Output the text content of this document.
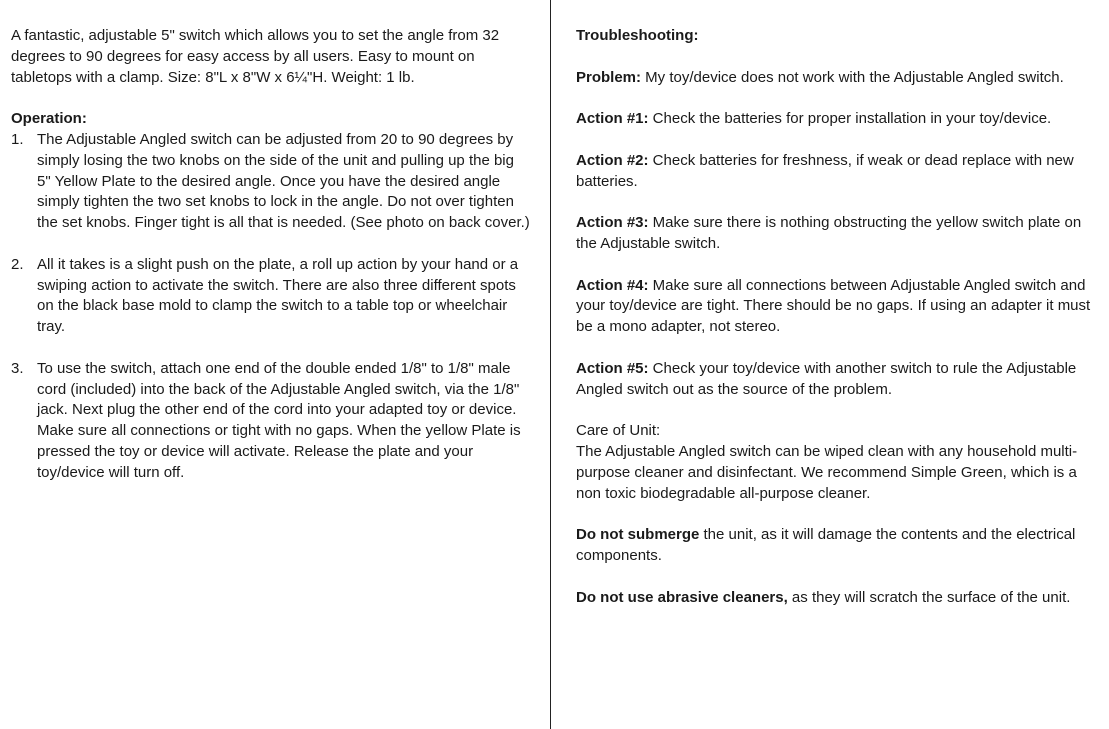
A fantastic, adjustable 5" switch which allows you to set the angle from 32 degrees to 90 degrees for easy access by all users. Easy to mount on tabletops with a clamp. Size: 8"L x 8"W x 6¼"H. Weight: 1 lb.

Operation:

1. The Adjustable Angled switch can be adjusted from 20 to 90 degrees by simply losing the two knobs on the side of the unit and pulling up the big 5" Yellow Plate to the desired angle. Once you have the desired angle simply tighten the two set knobs to lock in the angle. Do not over tighten the set knobs. Finger tight is all that is needed. (See photo on back cover.)
2. All it takes is a slight push on the plate, a roll up action by your hand or a swiping action to activate the switch. There are also three different spots on the black base mold to clamp the switch to a table top or wheelchair tray.
3. To use the switch, attach one end of the double ended 1/8" to 1/8" male cord (included) into the back of the Adjustable Angled switch, via the 1/8" jack. Next plug the other end of the cord into your adapted toy or device. Make sure all connections or tight with no gaps. When the yellow Plate is pressed the toy or device will activate. Release the plate and your toy/device will turn off.

Troubleshooting:

Problem: My toy/device does not work with the Adjustable Angled switch.

Action #1: Check the batteries for proper installation in your toy/device.

Action #2: Check batteries for freshness, if weak or dead replace with new batteries.

Action #3: Make sure there is nothing obstructing the yellow switch plate on the Adjustable switch.

Action #4: Make sure all connections between Adjustable Angled switch and your toy/device are tight. There should be no gaps. If using an adapter it must be a mono adapter, not stereo.

Action #5: Check your toy/device with another switch to rule the Adjustable Angled switch out as the source of the problem.

Care of Unit:

The Adjustable Angled switch can be wiped clean with any household multi-purpose cleaner and disinfectant. We recommend Simple Green, which is a non toxic biodegradable all-purpose cleaner.

Do not submerge the unit, as it will damage the contents and the electrical components.

Do not use abrasive cleaners, as they will scratch the surface of the unit.
